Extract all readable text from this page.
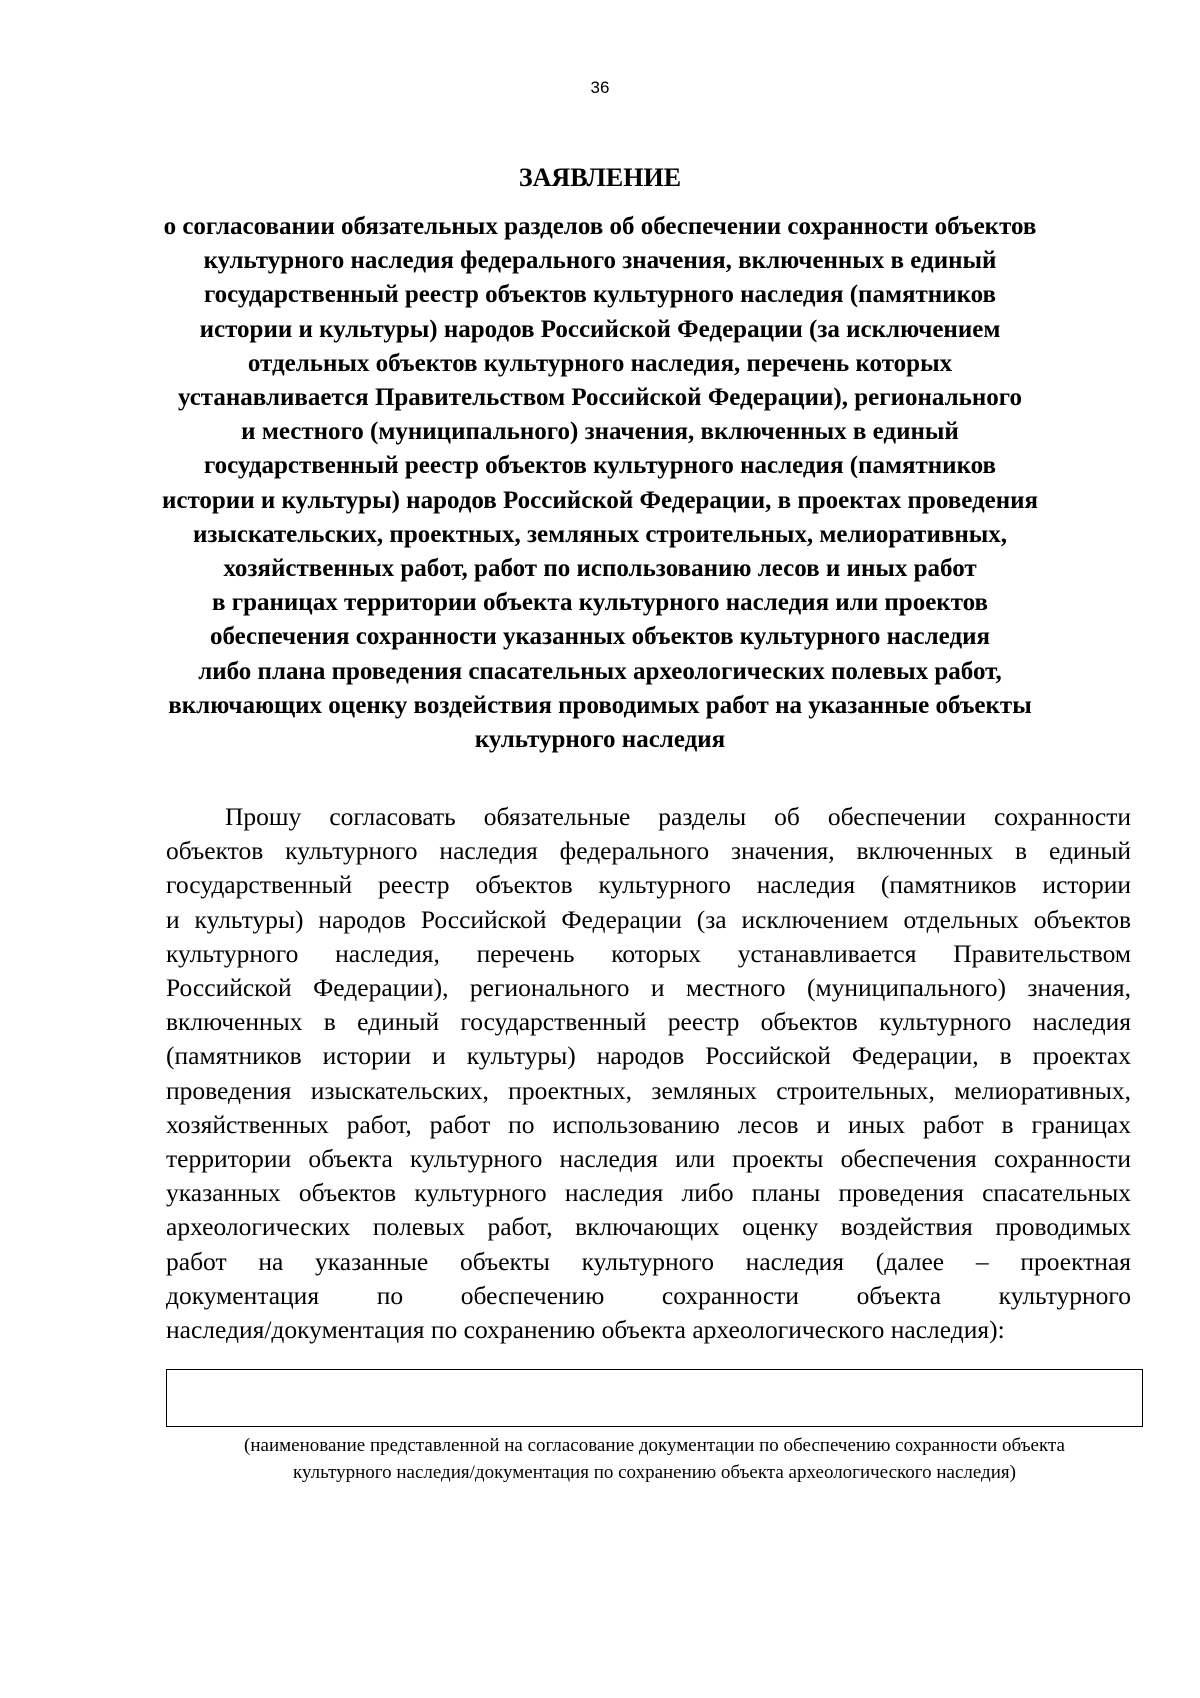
36
ЗАЯВЛЕНИЕ
о согласовании обязательных разделов об обеспечении сохранности объектов
культурного наследия федерального значения, включенных в единый
государственный реестр объектов культурного наследия (памятников
истории и культуры) народов Российской Федерации (за исключением
отдельных объектов культурного наследия, перечень которых
устанавливается Правительством Российской Федерации), регионального
и местного (муниципального) значения, включенных в единый
государственный реестр объектов культурного наследия (памятников
истории и культуры) народов Российской Федерации, в проектах проведения
изыскательских, проектных, земляных строительных, мелиоративных,
хозяйственных работ, работ по использованию лесов и иных работ
в границах территории объекта культурного наследия или проектов
обеспечения сохранности указанных объектов культурного наследия
либо плана проведения спасательных археологических полевых работ,
включающих оценку воздействия проводимых работ на указанные объекты
культурного наследия
Прошу согласовать обязательные разделы об обеспечении сохранности
объектов культурного наследия федерального значения, включенных в единый
государственный реестр объектов культурного наследия (памятников истории
и культуры) народов Российской Федерации (за исключением отдельных объектов
культурного наследия, перечень которых устанавливается Правительством
Российской Федерации), регионального и местного (муниципального) значения,
включенных в единый государственный реестр объектов культурного наследия
(памятников истории и культуры) народов Российской Федерации, в проектах
проведения изыскательских, проектных, земляных строительных, мелиоративных,
хозяйственных работ, работ по использованию лесов и иных работ в границах
территории объекта культурного наследия или проекты обеспечения сохранности
указанных объектов культурного наследия либо планы проведения спасательных
археологических полевых работ, включающих оценку воздействия проводимых
работ на указанные объекты культурного наследия (далее – проектная
документация по обеспечению сохранности объекта культурного
наследия/документация по сохранению объекта археологического наследия):
(наименование представленной на согласование документации по обеспечению сохранности объекта
культурного наследия/документация по сохранению объекта археологического наследия)
